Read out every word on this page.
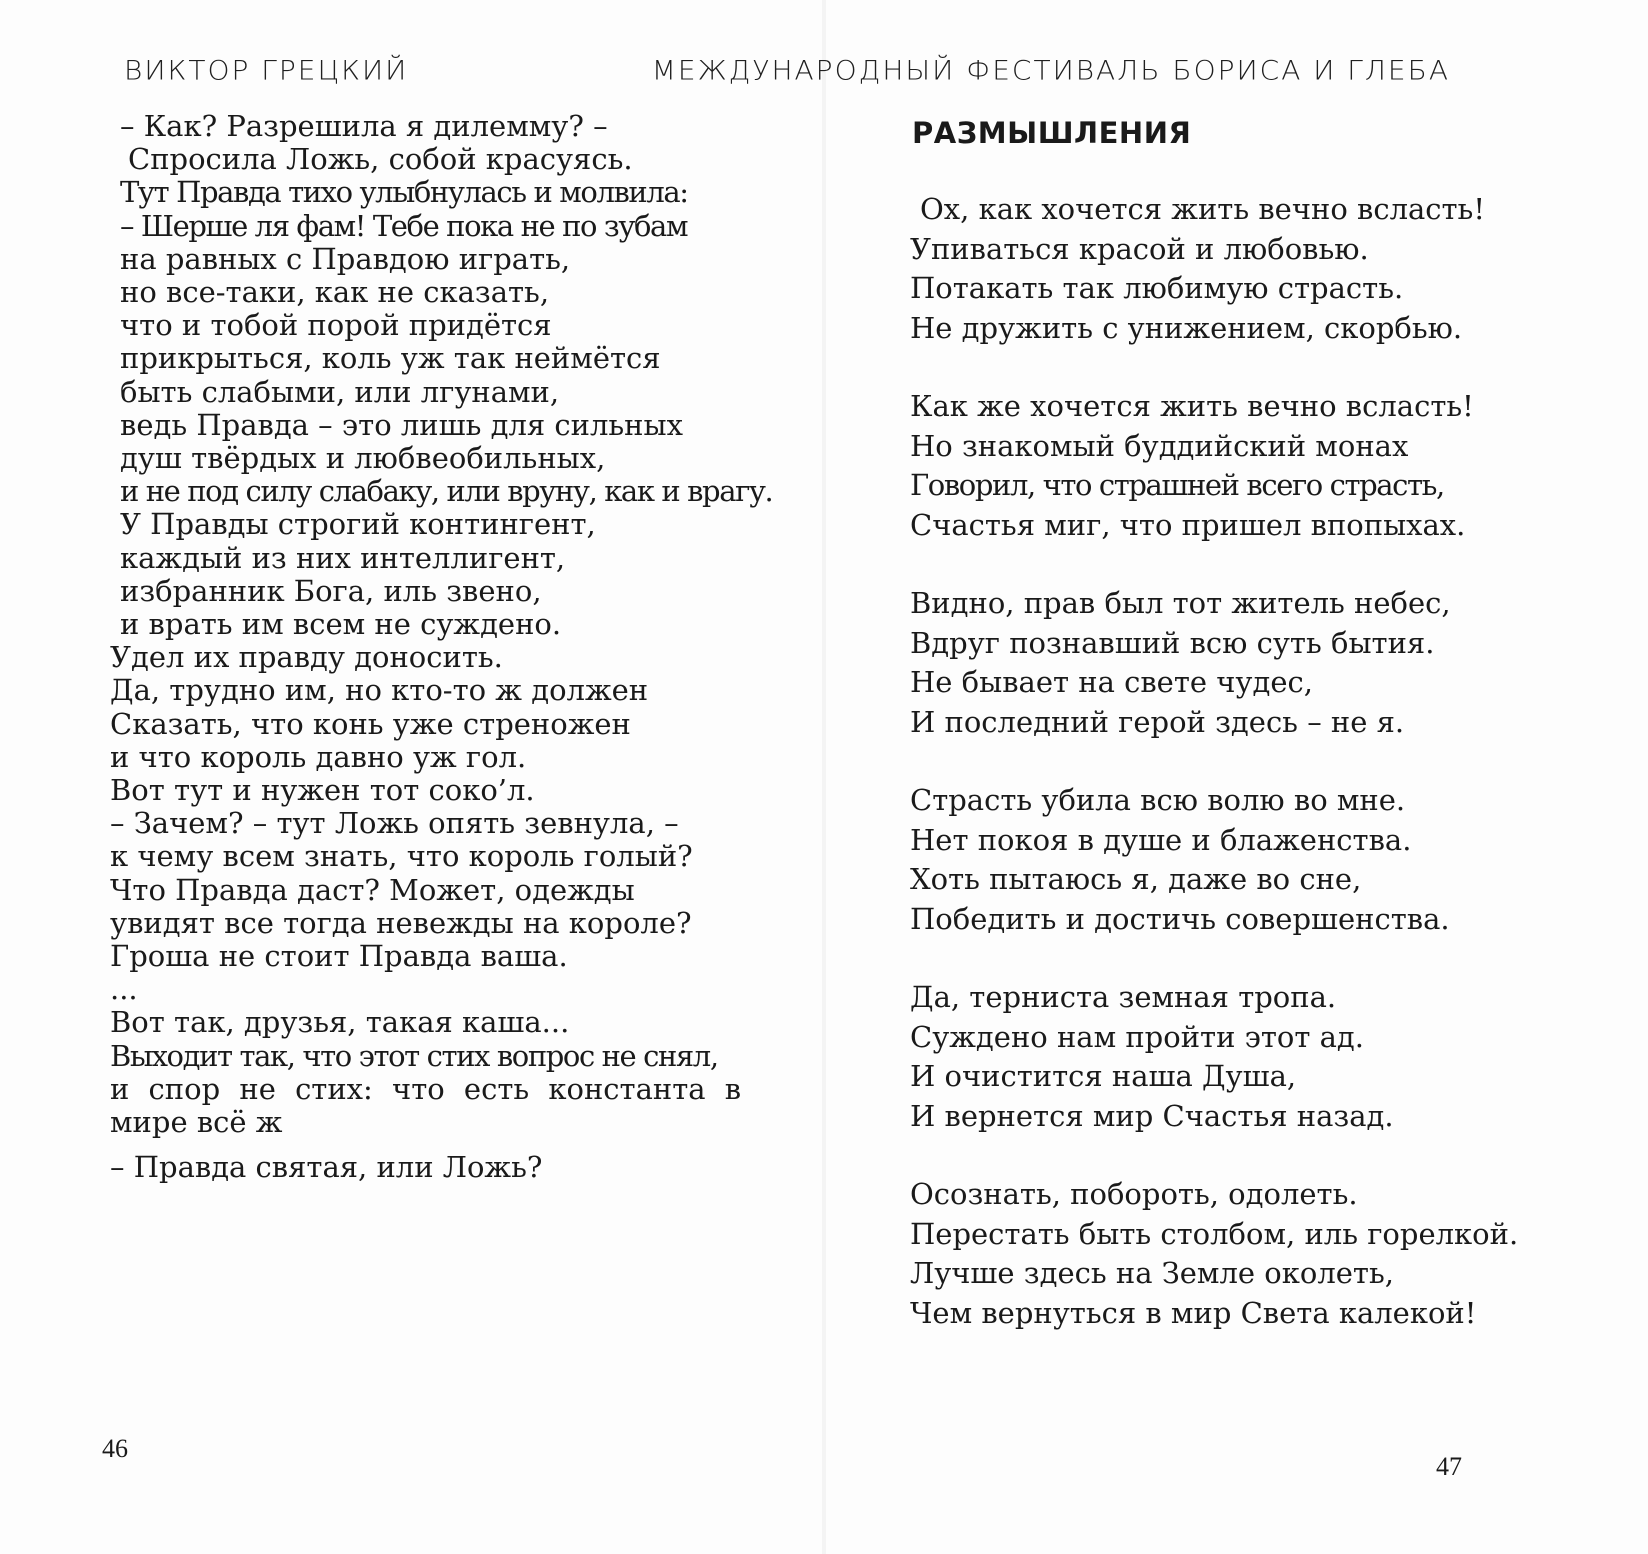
ВИКТОР ГРЕЦКИЙ
– Как? Разрешила я дилемму? –
Спросила Ложь, собой красуясь.
Тут Правда тихо улыбнулась и молвила:
– Шерше ля фам! Тебе пока не по зубам
на равных с Правдою играть,
но все-таки, как не сказать,
что и тобой порой придётся
прикрыться, коль уж так неймётся
быть слабыми, или лгунами,
ведь Правда – это лишь для сильных
душ твёрдых и любвеобильных,
и не под силу слабаку, или вруну, как и врагу.
У Правды строгий контингент,
каждый из них интеллигент,
избранник Бога, иль звено,
и врать им всем не суждено.
Удел их правду доносить.
Да, трудно им, но кто-то ж должен
Сказать, что конь уже стреножен
и что король давно уж гол.
Вот тут и нужен тот соко’л.
– Зачем? – тут Ложь опять зевнула, –
к чему всем знать, что король голый?
Что Правда даст? Может, одежды
увидят все тогда невежды на короле?
Гроша не стоит Правда ваша.
...
Вот так, друзья, такая каша...
Выходит так, что этот стих вопрос не снял,
и спор не стих: что есть константа в
мире всё ж
– Правда святая, или Ложь?
46
МЕЖДУНАРОДНЫЙ ФЕСТИВАЛЬ БОРИСА И ГЛЕБА
РАЗМЫШЛЕНИЯ
Ох, как хочется жить вечно всласть!
Упиваться красой и любовью.
Потакать так любимую страсть.
Не дружить с унижением, скорбью.
Как же хочется жить вечно всласть!
Но знакомый буддийский монах
Говорил, что страшней всего страсть,
Счастья миг, что пришел впопыхах.
Видно, прав был тот житель небес,
Вдруг познавший всю суть бытия.
Не бывает на свете чудес,
И последний герой здесь – не я.
Страсть убила всю волю во мне.
Нет покоя в душе и блаженства.
Хоть пытаюсь я, даже во сне,
Победить и достичь совершенства.
Да, терниста земная тропа.
Суждено нам пройти этот ад.
И очистится наша Душа,
И вернется мир Счастья назад.
Осознать, побороть, одолеть.
Перестать быть столбом, иль горелкой.
Лучше здесь на Земле околеть,
Чем вернуться в мир Света калекой!
47
